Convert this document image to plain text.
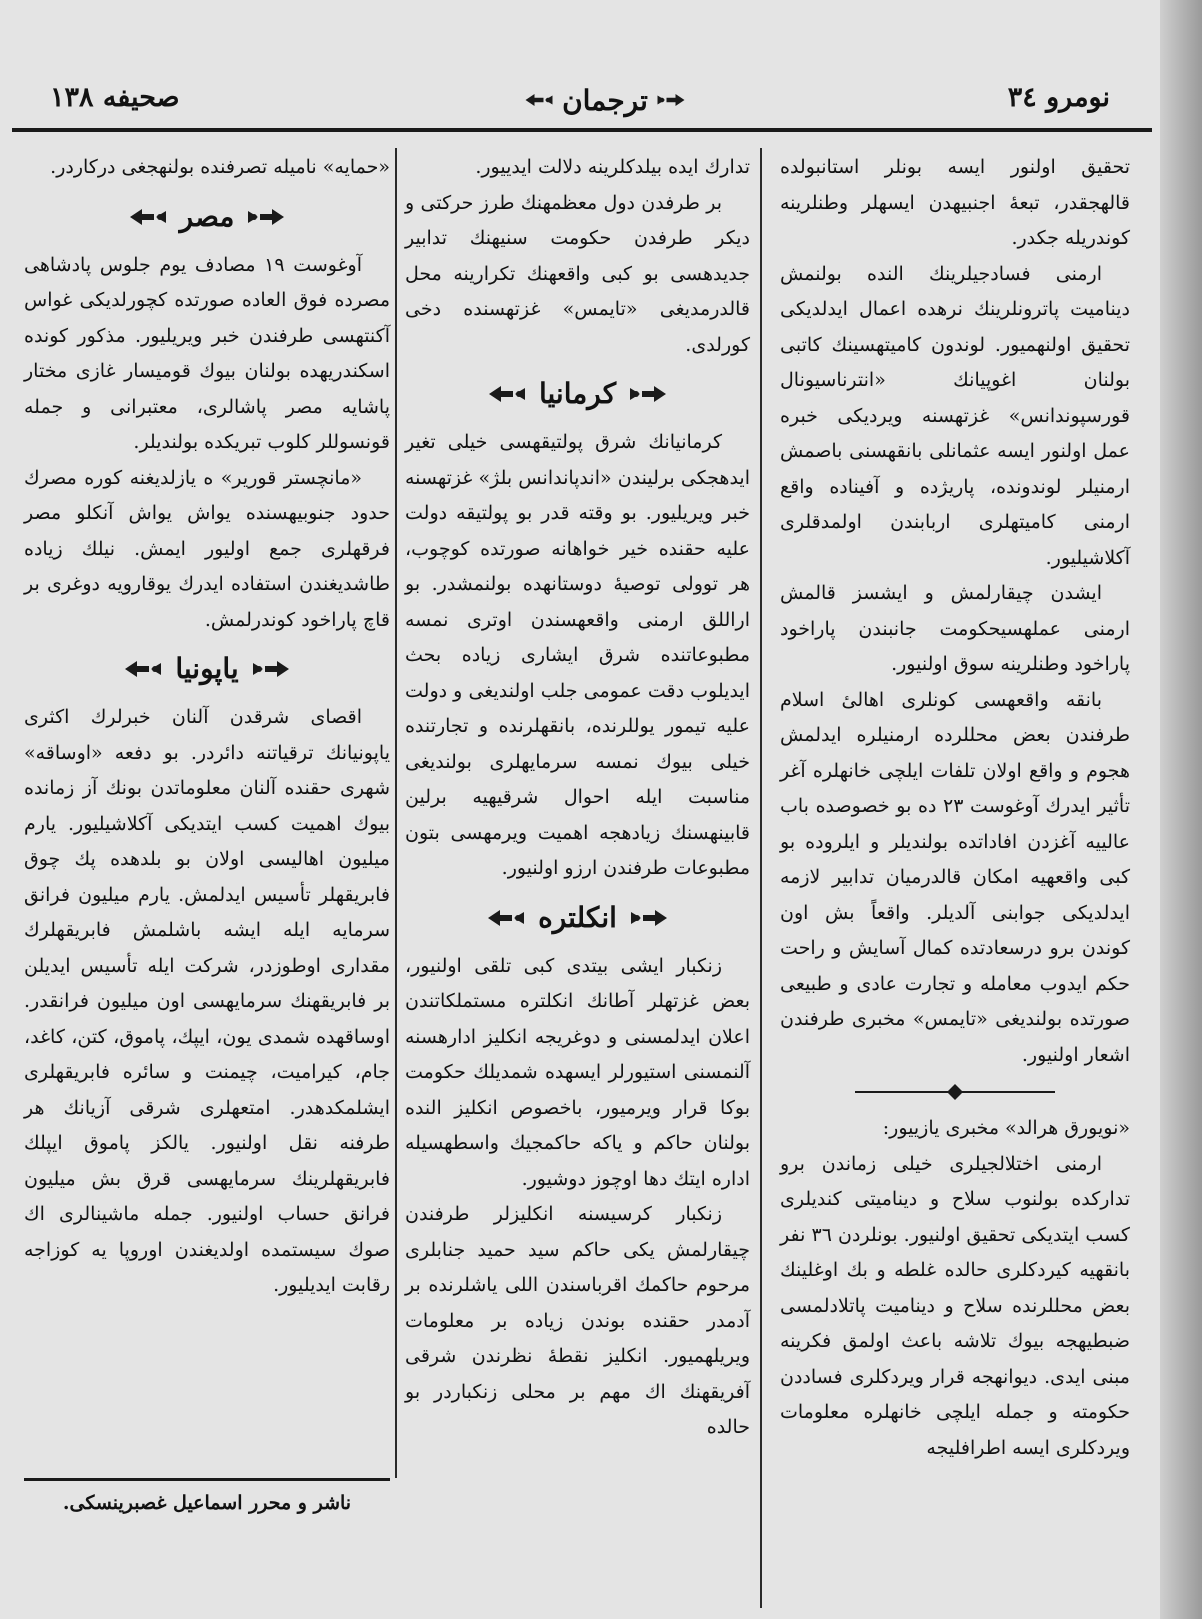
نومرو ٣٤
ترجمان
صحیفه ١٣٨

تحقیق اولنور ایسه بونلر استانبولده قالهجقدر، تبعهٔ اجنبیهدن ایسهلر وطنلرینه کوندریله جکدر.

ارمنی فسادجیلرینك النده بولنمش دینامیت پاترونلرینك نرهده اعمال ایدلدیکی تحقیق اولنهمیور. لوندون کامیتهسینك کاتبی بولنان اغوپیانك «انترناسیونال قورسپوندانس» غزتهسنه ویردیکی خبره عمل اولنور ایسه عثمانلی بانقهسنی باصمش ارمنیلر لوندونده، پاریژده و آفیناده واقع ارمنی کامیتهلری اربابندن اولمدقلری آکلاشیلیور.

ایشدن چیقارلمش و ایشسز قالمش ارمنی عملهسیحکومت جانبندن پاراخود پاراخود وطنلرینه سوق اولنیور.

بانقه واقعهسی کونلری اهالیٔ اسلام طرفندن بعض محللرده ارمنیلره ایدلمش هجوم و واقع اولان تلفات ایلچی خانهلره آغر تأثیر ایدرك آوغوست ٢٣ ده بو خصوصده باب عالییه آغزدن افاداتده بولندیلر و ایلروده بو کبی واقعهیه امکان قالدرمیان تدابیر لازمه ایدلدیکی جوابنی آلدیلر. واقعاً بش اون کوندن برو درسعادتده کمال آسایش و راحت حکم ایدوب معامله و تجارت عادی و طبیعی صورتده بولندیغی «تایمس» مخبری طرفندن اشعار اولنیور.

«نویورق هرالد» مخبری یازییور:

ارمنی اختلالجیلری خیلی زماندن برو تدارکده بولنوب سلاح و دینامیتی کندیلری کسب ایتدیکی تحقیق اولنیور. بونلردن ٣٦ نفر بانقهیه کیردکلری حالده غلطه و بك اوغلینك بعض محللرنده سلاح و دینامیت پاتلادلمسی ضبطیهجه بیوك تلاشه باعث اولمق فکرینه مبنی ایدی. دیوانهجه قرار ویردکلری فساددن حکومته و جمله ایلچی خانهلره معلومات ویردکلری ایسه اطرافلیجه

تدارك ایده بیلدکلرینه دلالت ایدییور.

بر طرفدن دول معظمهنك طرز حرکتی و دیکر طرفدن حکومت سنیهنك تدابیر جدیدهسی بو کبی واقعهنك تکرارینه محل قالدرمدیغی «تایمس» غزتهسنده دخی کورلدی.

کرمانیا

کرمانیانك شرق پولتیقهسی خیلی تغیر ایدهجکی برلیندن «اندپاندانس بلژ» غزتهسنه خبر ویریلیور. بو وقته قدر بو پولتیقه دولت علیه حقنده خیر خواهانه صورتده کوچوب، هر توولی توصیهٔ دوستانهده بولنمشدر. بو اراللق ارمنی واقعهسندن اوتری نمسه مطبوعاتنده شرق ایشاری زیاده بحث ایدیلوب دقت عمومی جلب اولندیغی و دولت علیه تیمور یوللرنده، بانقهلرنده و تجارتنده خیلی بیوك نمسه سرمایهلری بولندیغی مناسبت ایله احوال شرقیهیه برلین قابینهسنك زیادهجه اهمیت ویرمهسی بتون مطبوعات طرفندن ارزو اولنیور.

انکلتره

زنکبار ایشی بیتدی کبی تلقی اولنیور، بعض غزتهلر آطانك انکلتره مستملکاتندن اعلان ایدلمسنی و دوغریجه انکلیز ادارهسنه آلنمسنی استیورلر ایسهده شمدیلك حکومت بوکا قرار ویرمیور، باخصوص انکلیز النده بولنان حاکم و یاکه حاکمجیك واسطهسیله اداره ایتك دها اوچوز دوشیور.

زنکبار کرسیسنه انکلیزلر طرفندن چیقارلمش یکی حاکم سید حمید جنابلری مرحوم حاکمك اقرباسندن اللی یاشلرنده بر آدمدر حقنده بوندن زیاده بر معلومات ویریلهمیور. انکلیز نقطهٔ نظرندن شرقی آفریقهنك اك مهم بر محلی زنکباردر بو حالده

«حمایه» نامیله تصرفنده بولنهجغی درکاردر.

مصر

آوغوست ١٩ مصادف یوم جلوس پادشاهی مصرده فوق العاده صورتده کچورلدیکی غواس آکنتهسی طرفندن خبر ویریلیور. مذکور کونده اسکندریهده بولنان بیوك قومیسار غازی مختار پاشایه مصر پاشالری، معتبرانی و جمله قونسوللر کلوب تبریکده بولندیلر.

«مانچستر قوریر» ه یازلدیغنه کوره مصرك حدود جنوبیهسنده یواش یواش آنکلو مصر فرقهلری جمع اولیور ایمش. نیلك زیاده طاشدیغندن استفاده ایدرك یوقارویه دوغری بر قاچ پاراخود کوندرلمش.

یاپونیا

اقصای شرقدن آلنان خبرلرك اکثری یاپونیانك ترقیاتنه دائردر. بو دفعه «اوساقه» شهری حقنده آلنان معلوماتدن بونك آز زمانده بیوك اهمیت کسب ایتدیکی آکلاشیلیور. یارم میلیون اهالیسی اولان بو بلدهده پك چوق فابریقهلر تأسیس ایدلمش. یارم میلیون فرانق سرمایه ایله ایشه باشلمش فابریقهلرك مقداری اوطوزدر، شرکت ایله تأسیس ایدیلن بر فابریقهنك سرمایهسی اون میلیون فرانقدر. اوساقهده شمدی یون، ایپك، پاموق، کتن، کاغد، جام، کیرامیت، چیمنت و سائره فابریقهلری ایشلمکدهدر. امتعهلری شرقی آزیانك هر طرفنه نقل اولنیور. یالکز پاموق ایپلك فابریقهلرینك سرمایهسی قرق بش میلیون فرانق حساب اولنیور. جمله ماشینالری اك صوك سیستمده اولدیغندن اوروپا یه کوزاجه رقابت ایدیلیور.

ناشر و محرر اسماعیل غصبرینسکی.
